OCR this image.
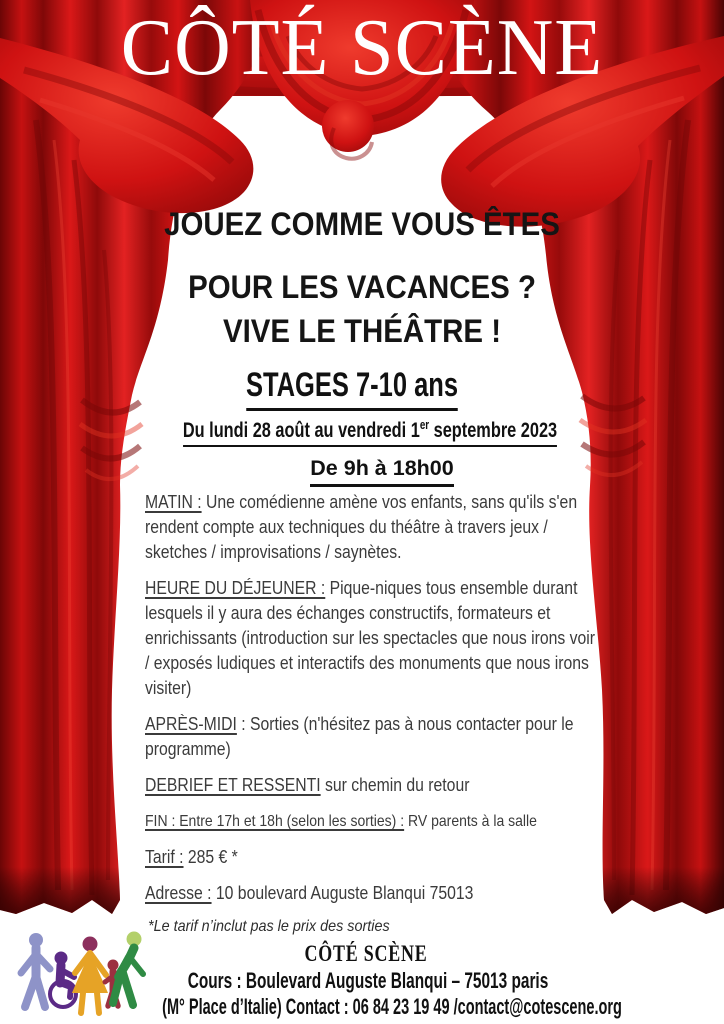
CÔTÉ SCÈNE
JOUEZ COMME VOUS ÊTES
POUR LES VACANCES ?
VIVE LE THÉÂTRE !
STAGES 7-10 ans
Du lundi 28 août au vendredi 1er septembre 2023
De 9h à 18h00

MATIN : Une comédienne amène vos enfants, sans qu'ils s'en rendent compte aux techniques du théâtre à travers jeux / sketches / improvisations / saynètes.

HEURE DU DÉJEUNER : Pique-niques tous ensemble durant lesquels il y aura des échanges constructifs, formateurs et enrichissants (introduction sur les spectacles que nous irons voir / exposés ludiques et interactifs des monuments que nous irons visiter)

APRÈS-MIDI : Sorties (n'hésitez pas à nous contacter pour le programme)

DEBRIEF ET RESSENTI sur chemin du retour

FIN : Entre 17h et 18h (selon les sorties) : RV parents à la salle

Tarif : 285 € *

Adresse : 10 boulevard Auguste Blanqui 75013

*Le tarif n’inclut pas le prix des sorties
CÔTÉ SCÈNE
Cours : Boulevard Auguste Blanqui – 75013 paris
(M° Place d’Italie) Contact : 06 84 23 19 49 /contact@cotescene.org
